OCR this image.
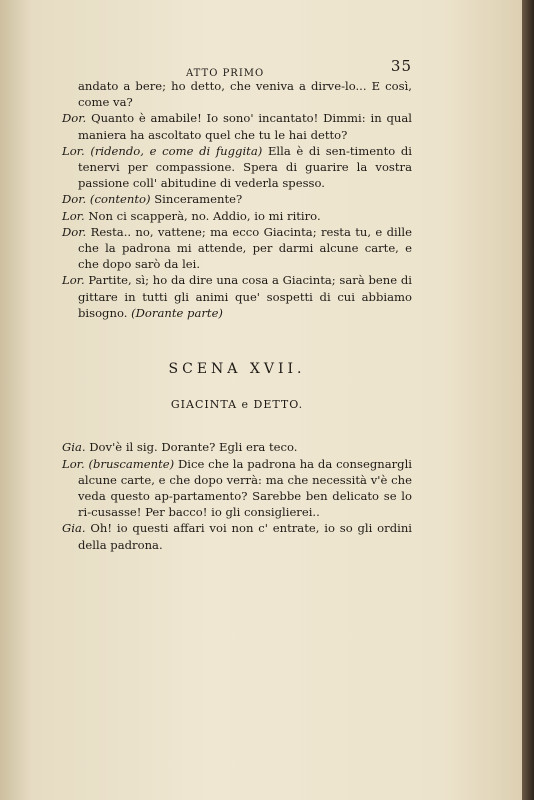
ATTO PRIMO	35

andato a bere; ho detto, che veniva a dirve-lo... E così, come va?

Dor. Quanto è amabile! Io sono' incantato! Dimmi: in qual maniera ha ascoltato quel che tu le hai detto?

Lor. (ridendo, e come di fuggita) Ella è di sen-timento di tenervi per compassione. Spera di guarire la vostra passione coll' abitudine di vederla spesso.

Dor. (contento) Sinceramente?

Lor. Non ci scapperà, no. Addio, io mi ritiro.

Dor. Resta.. no, vattene; ma ecco Giacinta; resta tu, e dille che la padrona mi attende, per darmi alcune carte, e che dopo sarò da lei.

Lor. Partite, sì; ho da dire una cosa a Giacinta; sarà bene di gittare in tutti gli animi que' sospetti di cui abbiamo bisogno. (Dorante parte)

SCENA XVII.
GIACINTA e DETTO.

Gia. Dov'è il sig. Dorante? Egli era teco.

Lor. (bruscamente) Dice che la padrona ha da consegnargli alcune carte, e che dopo verrà: ma che necessità v'è che veda questo ap-partamento? Sarebbe ben delicato se lo ri-cusasse! Per bacco! io gli consiglierei..

Gia. Oh! io questi affari voi non c' entrate, io so gli ordini della padrona.
